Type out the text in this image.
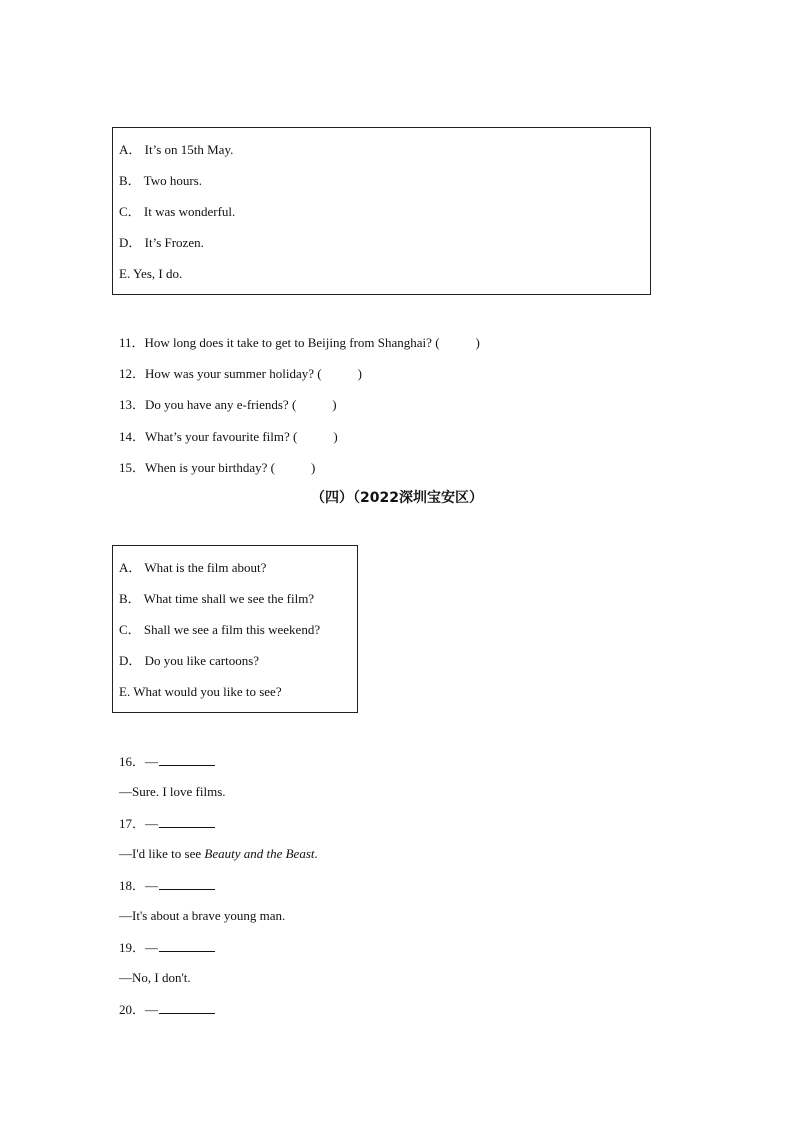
A． It’s on 15th May.
B． Two hours.
C． It was wonderful.
D． It’s Frozen.
E. Yes, I do.
11．How long does it take to get to Beijing from Shanghai? (	)
12．How was your summer holiday? (	)
13．Do you have any e-friends? (	)
14．What’s your favourite film? (	)
15．When is your birthday? (	)
（四）（2022深圳宝安区）
A． What is the film about?
B． What time shall we see the film?
C． Shall we see a film this weekend?
D． Do you like cartoons?
E. What would you like to see?
16．—
—Sure. I love films.
17．—
—I'd like to see Beauty and the Beast.
18．—
—It's about a brave young man.
19．—
—No, I don't.
20．—
